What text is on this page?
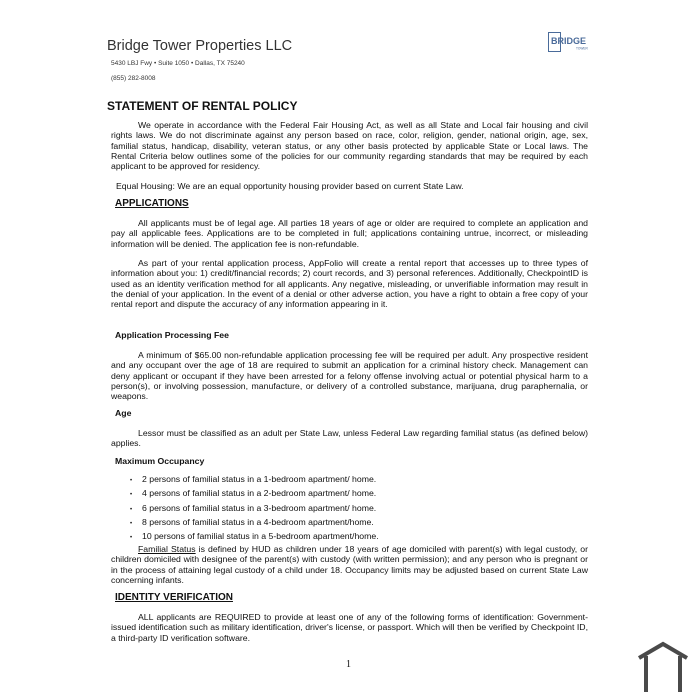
Bridge Tower Properties LLC
5430 LBJ Fwy • Suite 1050 • Dallas, TX 75240
(855) 282-8008
BRIDGE
TOWER
STATEMENT OF RENTAL POLICY

We operate in accordance with the Federal Fair Housing Act, as well as all State and Local fair housing and civil rights laws. We do not discriminate against any person based on race, color, religion, gender, national origin, age, sex, familial status, handicap, disability, veteran status, or any other basis protected by applicable State or Local laws. The Rental Criteria below outlines some of the policies for our community regarding standards that may be required by each applicant to be approved for residency.

Equal Housing: We are an equal opportunity housing provider based on current State Law.

APPLICATIONS

All applicants must be of legal age. All parties 18 years of age or older are required to complete an application and pay all applicable fees. Applications are to be completed in full; applications containing untrue, incorrect, or misleading information will be denied. The application fee is non-refundable.

As part of your rental application process, AppFolio will create a rental report that accesses up to three types of information about you: 1) credit/financial records; 2) court records, and 3) personal references. Additionally, CheckpointID is used as an identity verification method for all applicants. Any negative, misleading, or unverifiable information may result in the denial of your application. In the event of a denial or other adverse action, you have a right to obtain a free copy of your rental report and dispute the accuracy of any information appearing in it.

Application Processing Fee

A minimum of $65.00 non-refundable application processing fee will be required per adult. Any prospective resident and any occupant over the age of 18 are required to submit an application for a criminal history check. Management can deny applicant or occupant if they have been arrested for a felony offense involving actual or potential physical harm to a person(s), or involving possession, manufacture, or delivery of a controlled substance, marijuana, drug paraphernalia, or weapons.

Age

Lessor must be classified as an adult per State Law, unless Federal Law regarding familial status (as defined below) applies.

Maximum Occupancy
• 2 persons of familial status in a 1-bedroom apartment/ home.
• 4 persons of familial status in a 2-bedroom apartment/ home.
• 6 persons of familial status in a 3-bedroom apartment/ home.
• 8 persons of familial status in a 4-bedroom apartment/home.
• 10 persons of familial status in a 5-bedroom apartment/home.

Familial Status is defined by HUD as children under 18 years of age domiciled with parent(s) with legal custody, or children domiciled with designee of the parent(s) with custody (with written permission); and any person who is pregnant or in the process of attaining legal custody of a child under 18. Occupancy limits may be adjusted based on current State Law concerning infants.

IDENTITY VERIFICATION

ALL applicants are REQUIRED to provide at least one of any of the following forms of identification: Government-issued identification such as military identification, driver's license, or passport. Which will then be verified by Checkpoint ID, a third-party ID verification software.

1
